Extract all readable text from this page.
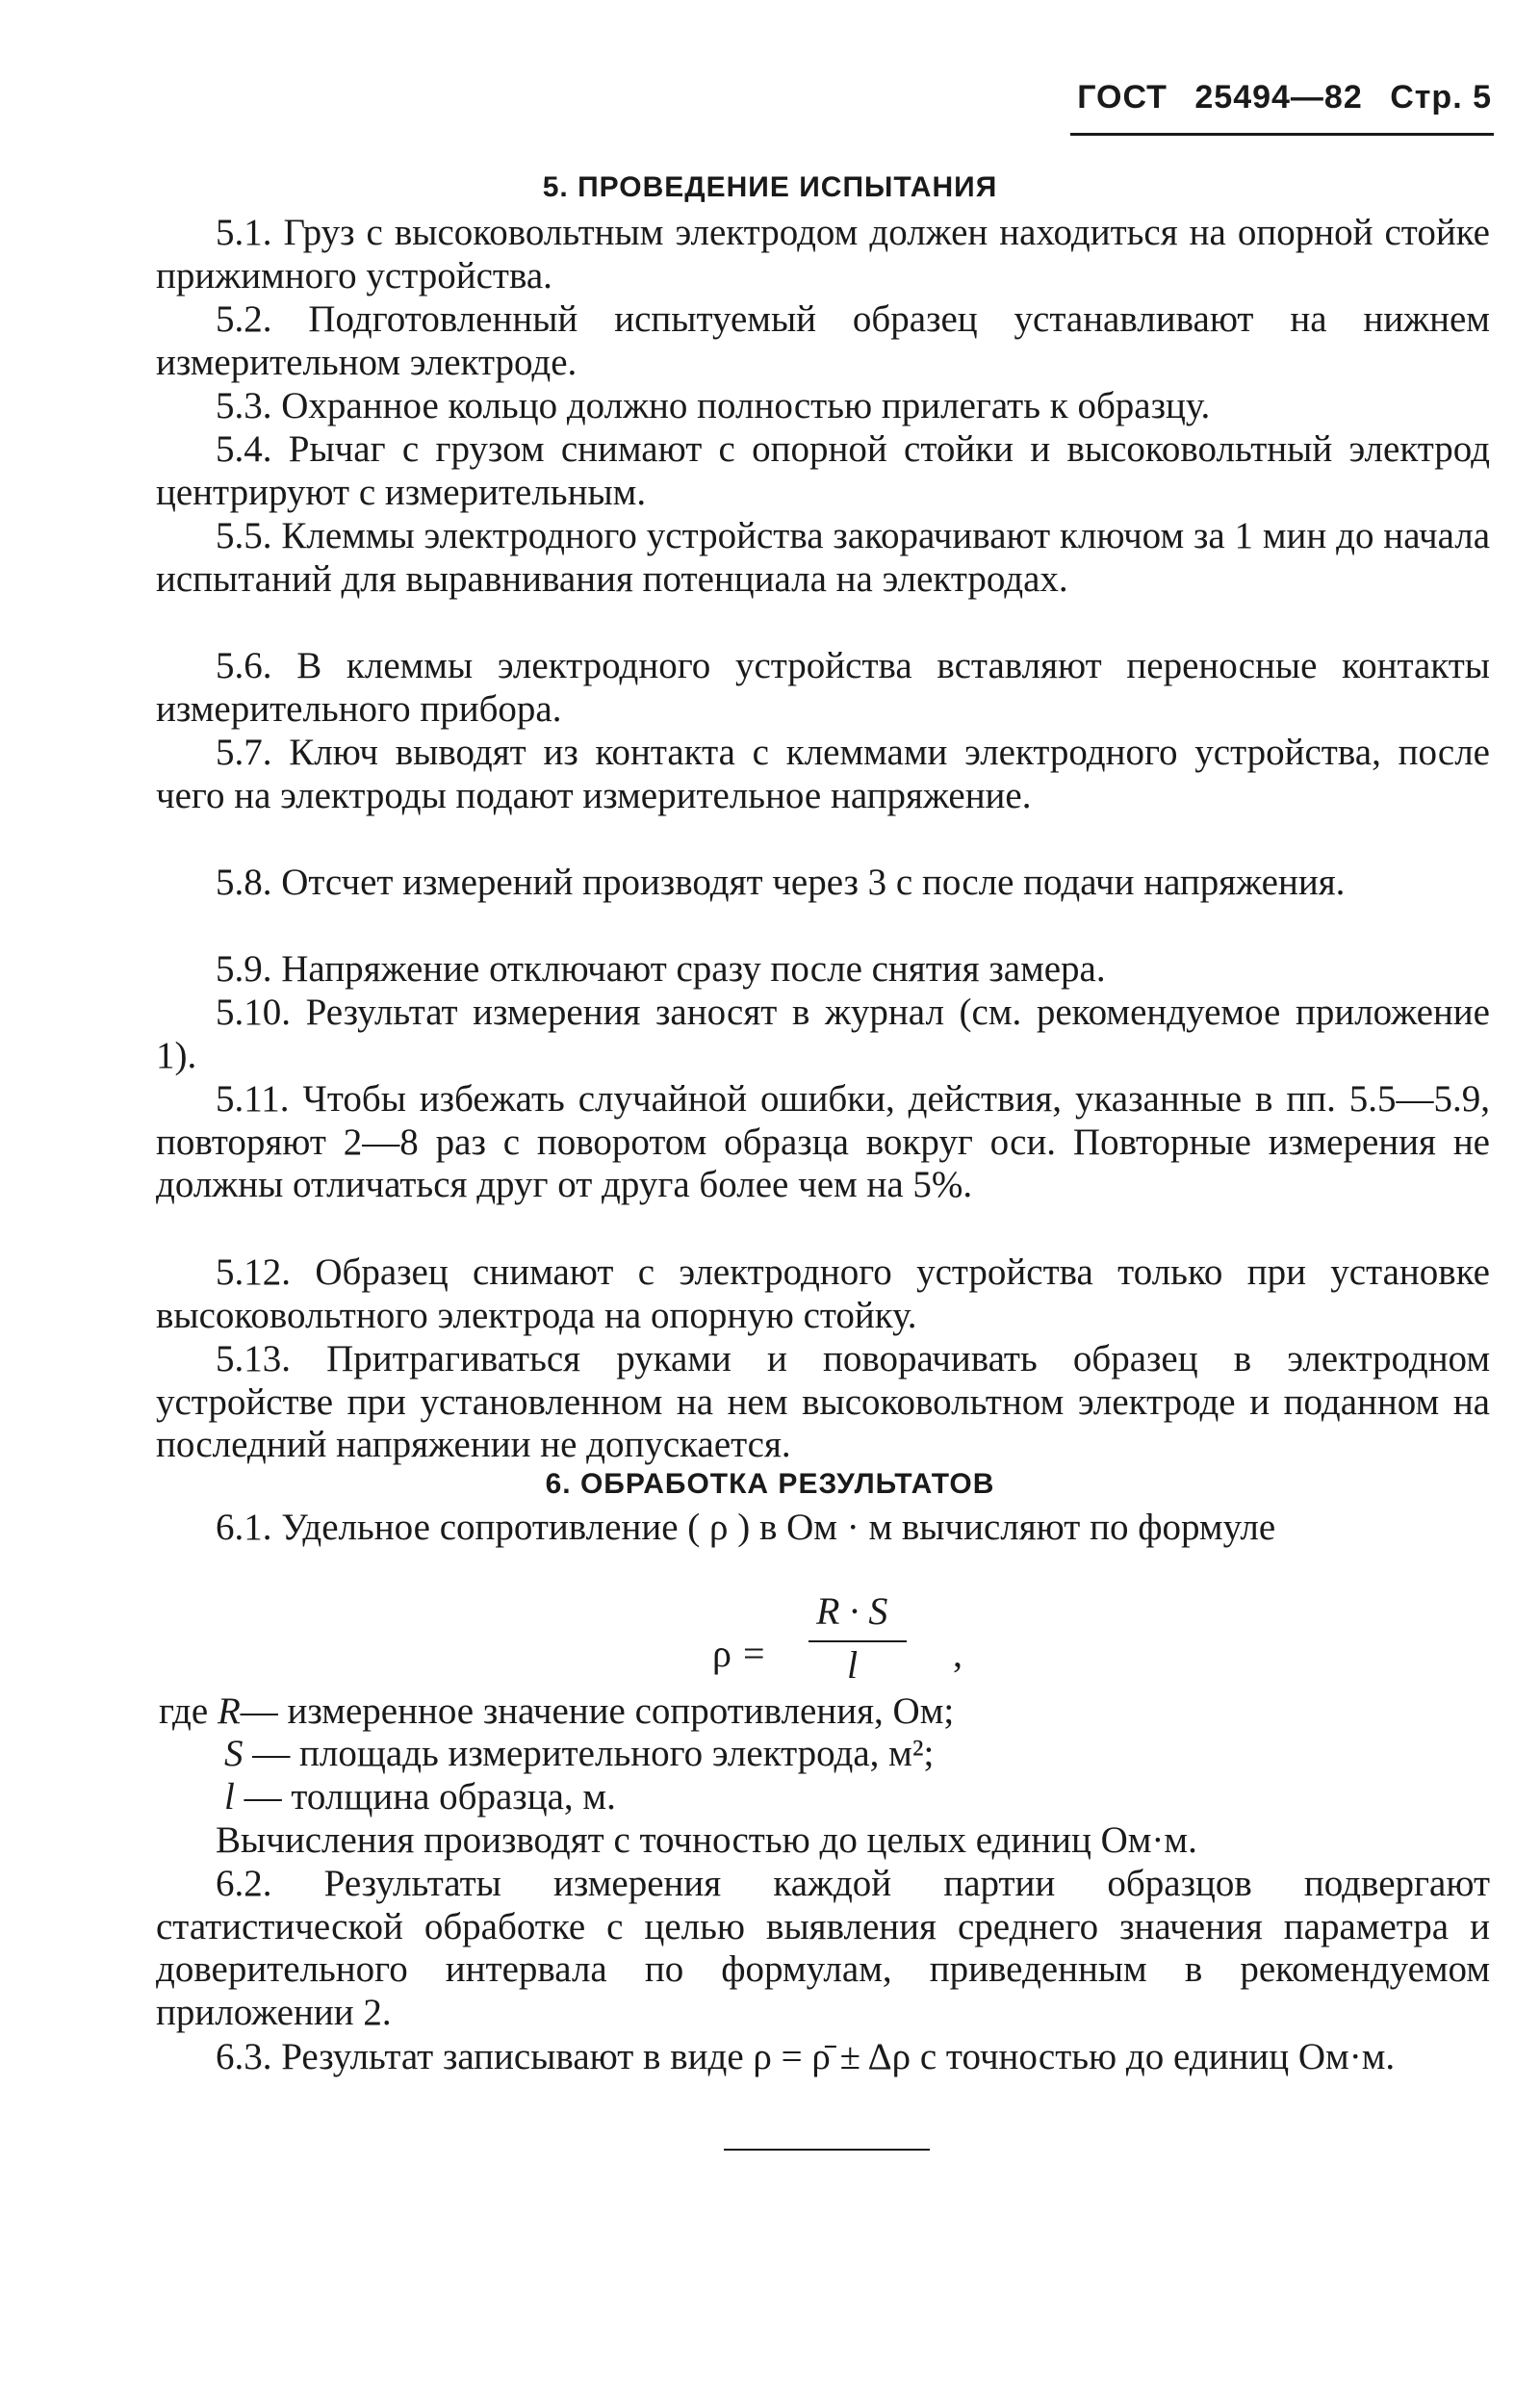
ГОСТ 25494—82 Стр. 5
5. ПРОВЕДЕНИЕ ИСПЫТАНИЯ

5.1. Груз с высоковольтным электродом должен находиться на опорной стойке прижимного устройства.

5.2. Подготовленный испытуемый образец устанавливают на нижнем измерительном электроде.

5.3. Охранное кольцо должно полностью прилегать к образцу.

5.4. Рычаг с грузом снимают с опорной стойки и высоковольтный электрод центрируют с измерительным.

5.5. Клеммы электродного устройства закорачивают ключом за 1 мин до начала испытаний для выравнивания потенциала на электродах.

5.6. В клеммы электродного устройства вставляют переносные контакты измерительного прибора.

5.7. Ключ выводят из контакта с клеммами электродного устройства, после чего на электроды подают измерительное напряжение.

5.8. Отсчет измерений производят через 3 с после подачи напряжения.

5.9. Напряжение отключают сразу после снятия замера.

5.10. Результат измерения заносят в журнал (см. рекомендуемое приложение 1).

5.11. Чтобы избежать случайной ошибки, действия, указанные в пп. 5.5—5.9, повторяют 2—8 раз с поворотом образца вокруг оси. Повторные измерения не должны отличаться друг от друга более чем на 5%.

5.12. Образец снимают с электродного устройства только при установке высоковольтного электрода на опорную стойку.

5.13. Притрагиваться руками и поворачивать образец в электродном устройстве при установленном на нем высоковольтном электроде и поданном на последний напряжении не допускается.

6. ОБРАБОТКА РЕЗУЛЬТАТОВ

6.1. Удельное сопротивление ( ρ ) в Ом · м вычисляют по формуле

ρ =
R · S
l ,
где R— измеренное значение сопротивления, Ом;
S — площадь измерительного электрода, м²;
l — толщина образца, м.

Вычисления производят с точностью до целых единиц Ом·м.

6.2. Результаты измерения каждой партии образцов подвергают статистической обработке с целью выявления среднего значения параметра и доверительного интервала по формулам, приведенным в рекомендуемом приложении 2.

6.3. Результат записывают в виде ρ = ρ̄ ± Δρ с точностью до единиц Ом·м.
